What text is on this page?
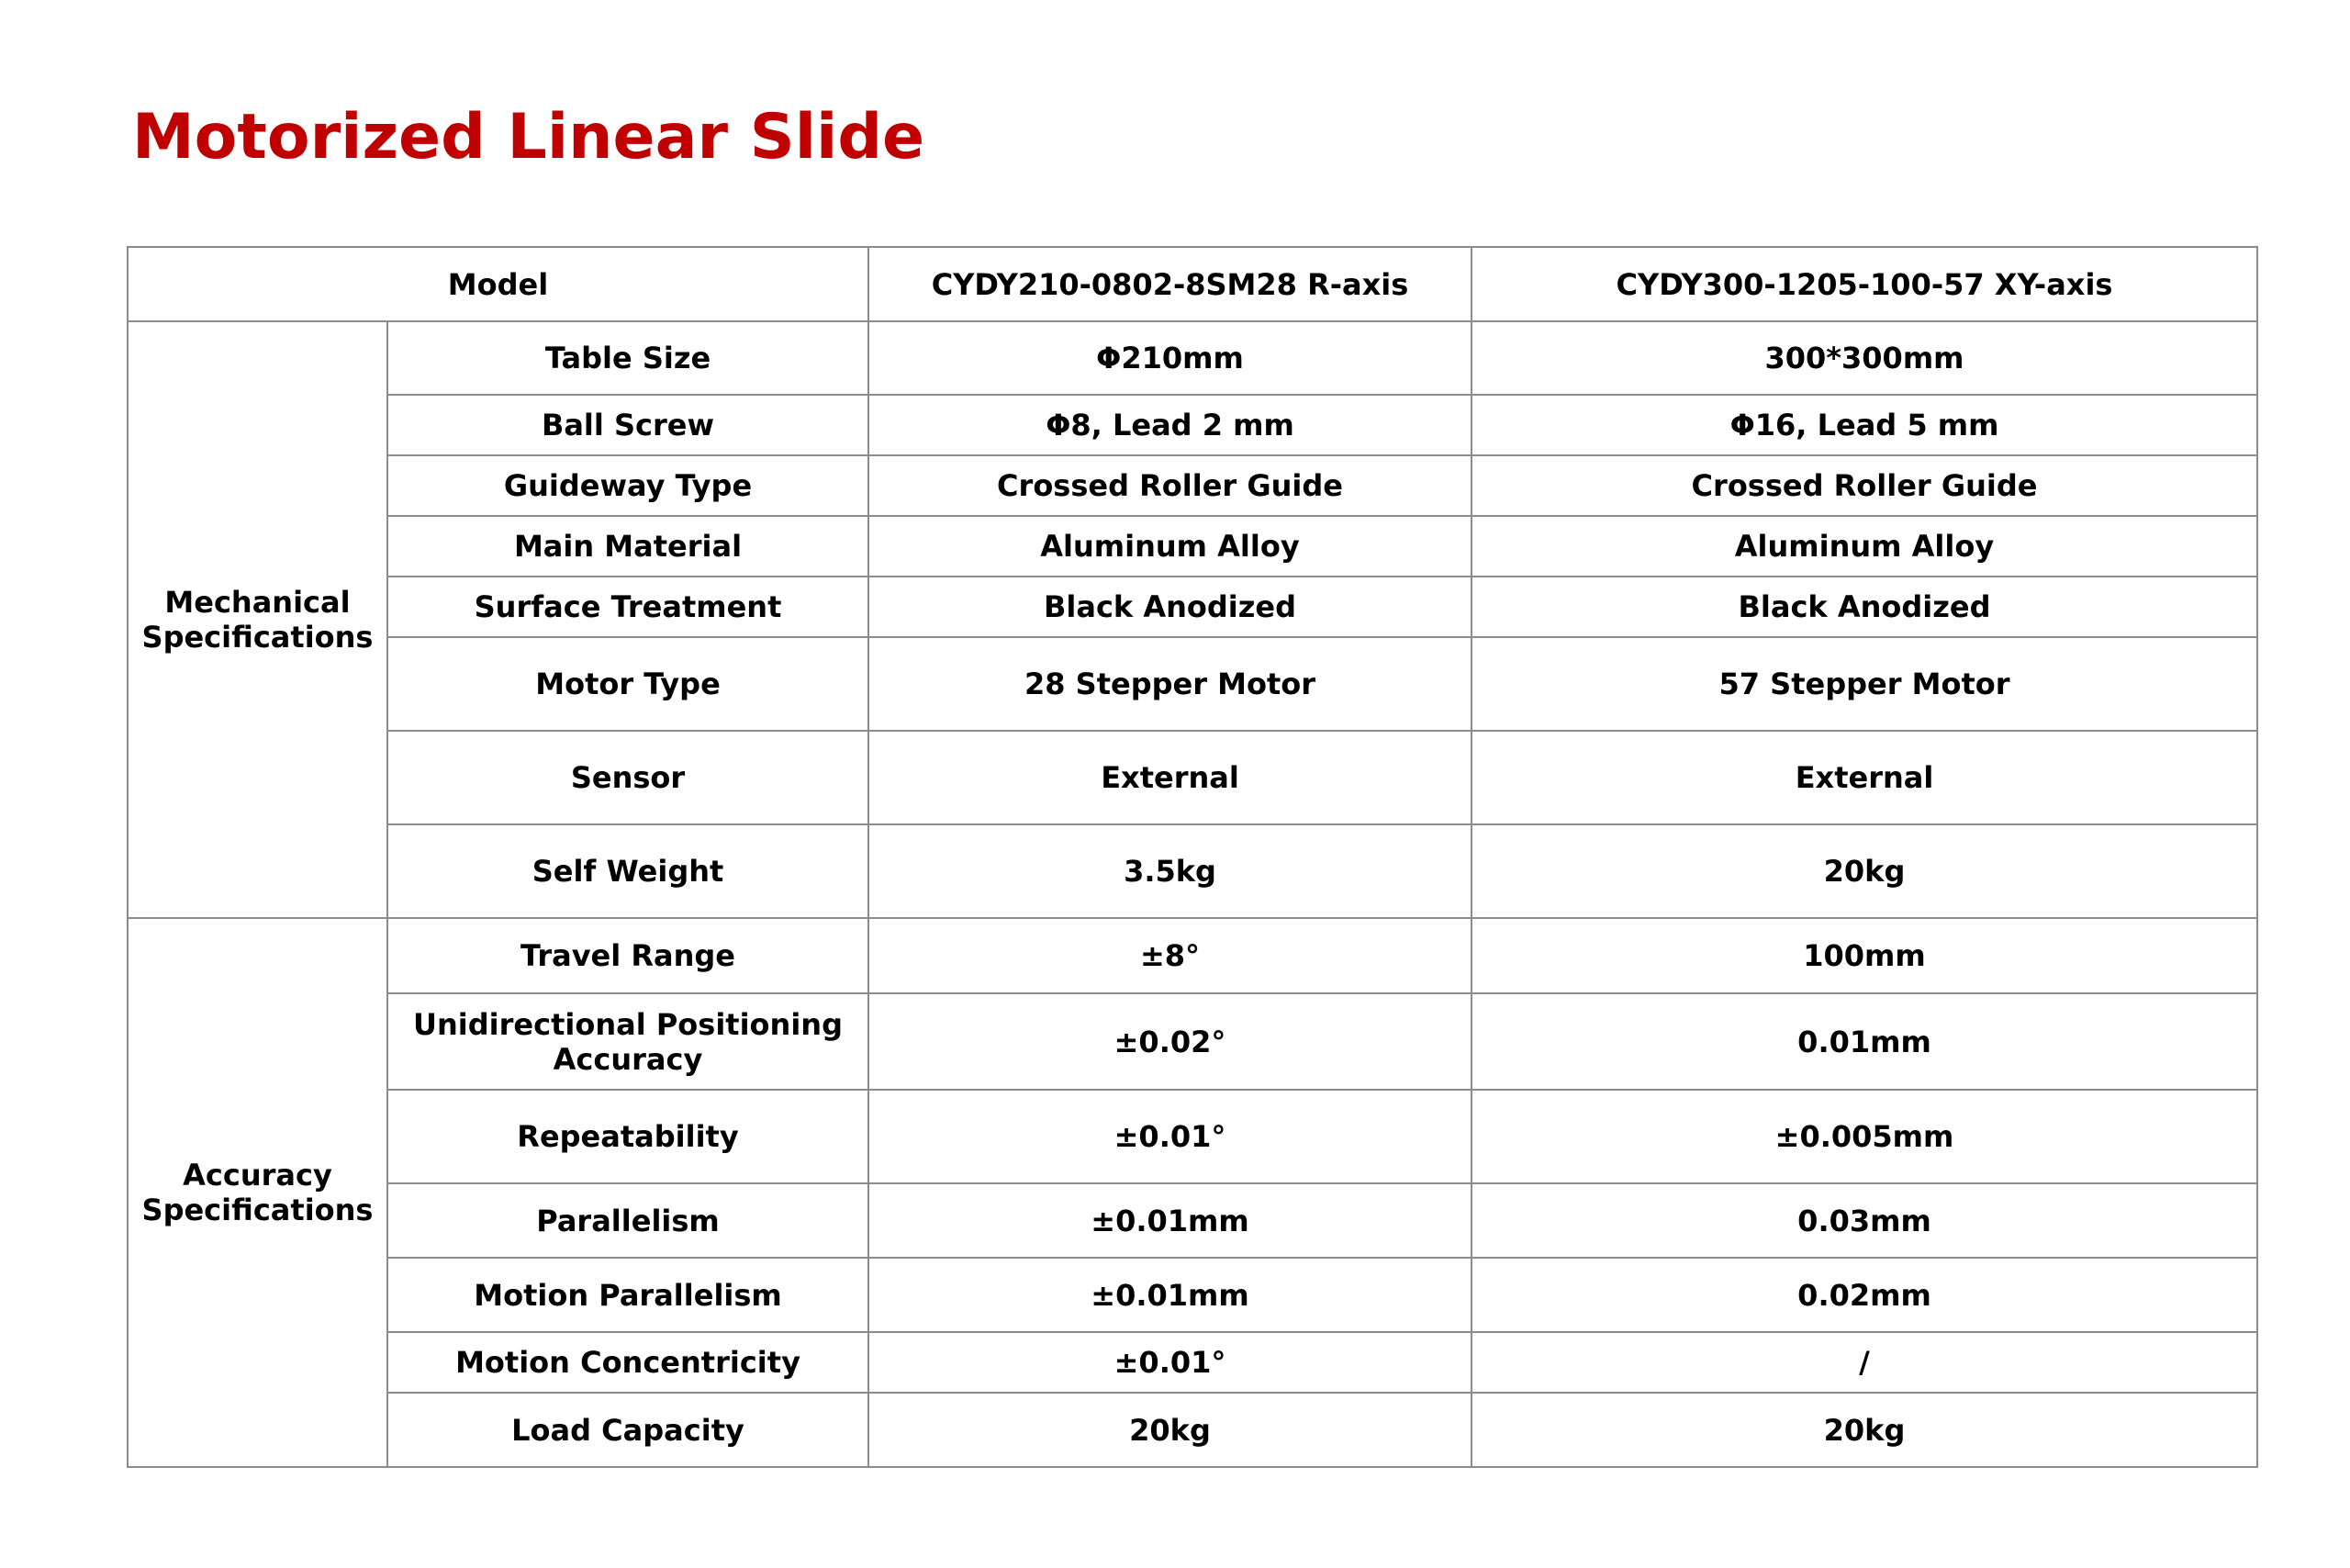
Motorized Linear Slide
Model		CYDY210-0802-8SM28 R-axis	CYDY300-1205-100-57 XY-axis

Mechanical
Specifications	Table Size	Φ210mm	300*300mm
	Ball Screw	Φ8, Lead 2 mm	Φ16, Lead 5 mm
	Guideway Type	Crossed Roller Guide	Crossed Roller Guide
	Main Material	Aluminum Alloy	Aluminum Alloy
	Surface Treatment	Black Anodized	Black Anodized
	Motor Type	28 Stepper Motor	57 Stepper Motor
	Sensor	External	External
	Self Weight	3.5kg	20kg

Accuracy
Specifications	Travel Range	±8°	100mm

	Unidirectional Positioning
Accuracy	±0.02°	0.01mm
	Repeatability	±0.01°	±0.005mm
	Parallelism	±0.01mm	0.03mm
	Motion Parallelism	±0.01mm	0.02mm
	Motion Concentricity	±0.01°	/
	Load Capacity	20kg	20kg
